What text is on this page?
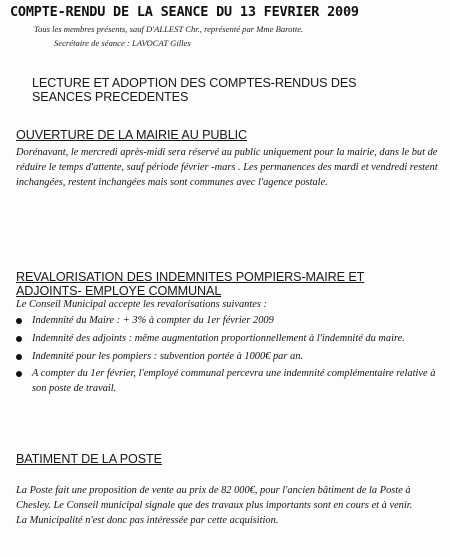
COMPTE-RENDU DE LA SEANCE DU 13 FEVRIER 2009
Tous les membres présents, sauf D'ALLEST Chr., représenté par Mme Barotte.
Secrétaire de séance : LAVOCAT Gilles
LECTURE ET ADOPTION DES COMPTES-RENDUS DES
SEANCES PRECEDENTES
OUVERTURE DE LA MAIRIE AU PUBLIC
Dorénavant, le mercredi après-midi sera réservé au public uniquement pour la mairie, dans le but de réduire le temps d'attente, sauf période février -mars . Les permanences des mardi et vendredi restent inchangées, restent inchangées mais sont communes avec l'agence postale.
REVALORISATION DES INDEMNITES POMPIERS-MAIRE ET
ADJOINTS- EMPLOYE COMMUNAL
Le Conseil Municipal accepte les revalorisations suivantes :
Indemnité du Maire : + 3% à compter du 1er février 2009
Indemnité des adjoints : même augmentation proportionnellement à l'indemnité du maire.
Indemnité pour les pompiers : subvention portée à 1000€ par an.
A compter du 1er février, l'employé communal percevra une indemnité complémentaire relative à son poste de travail.
BATIMENT DE LA POSTE
La Poste fait une proposition de vente au prix de 82 000€, pour l'ancien bâtiment de la Poste à Chesley. Le Conseil municipal signale que des travaux plus importants sont en cours et à venir.
La Municipalité n'est donc pas intéressée par cette acquisition.
